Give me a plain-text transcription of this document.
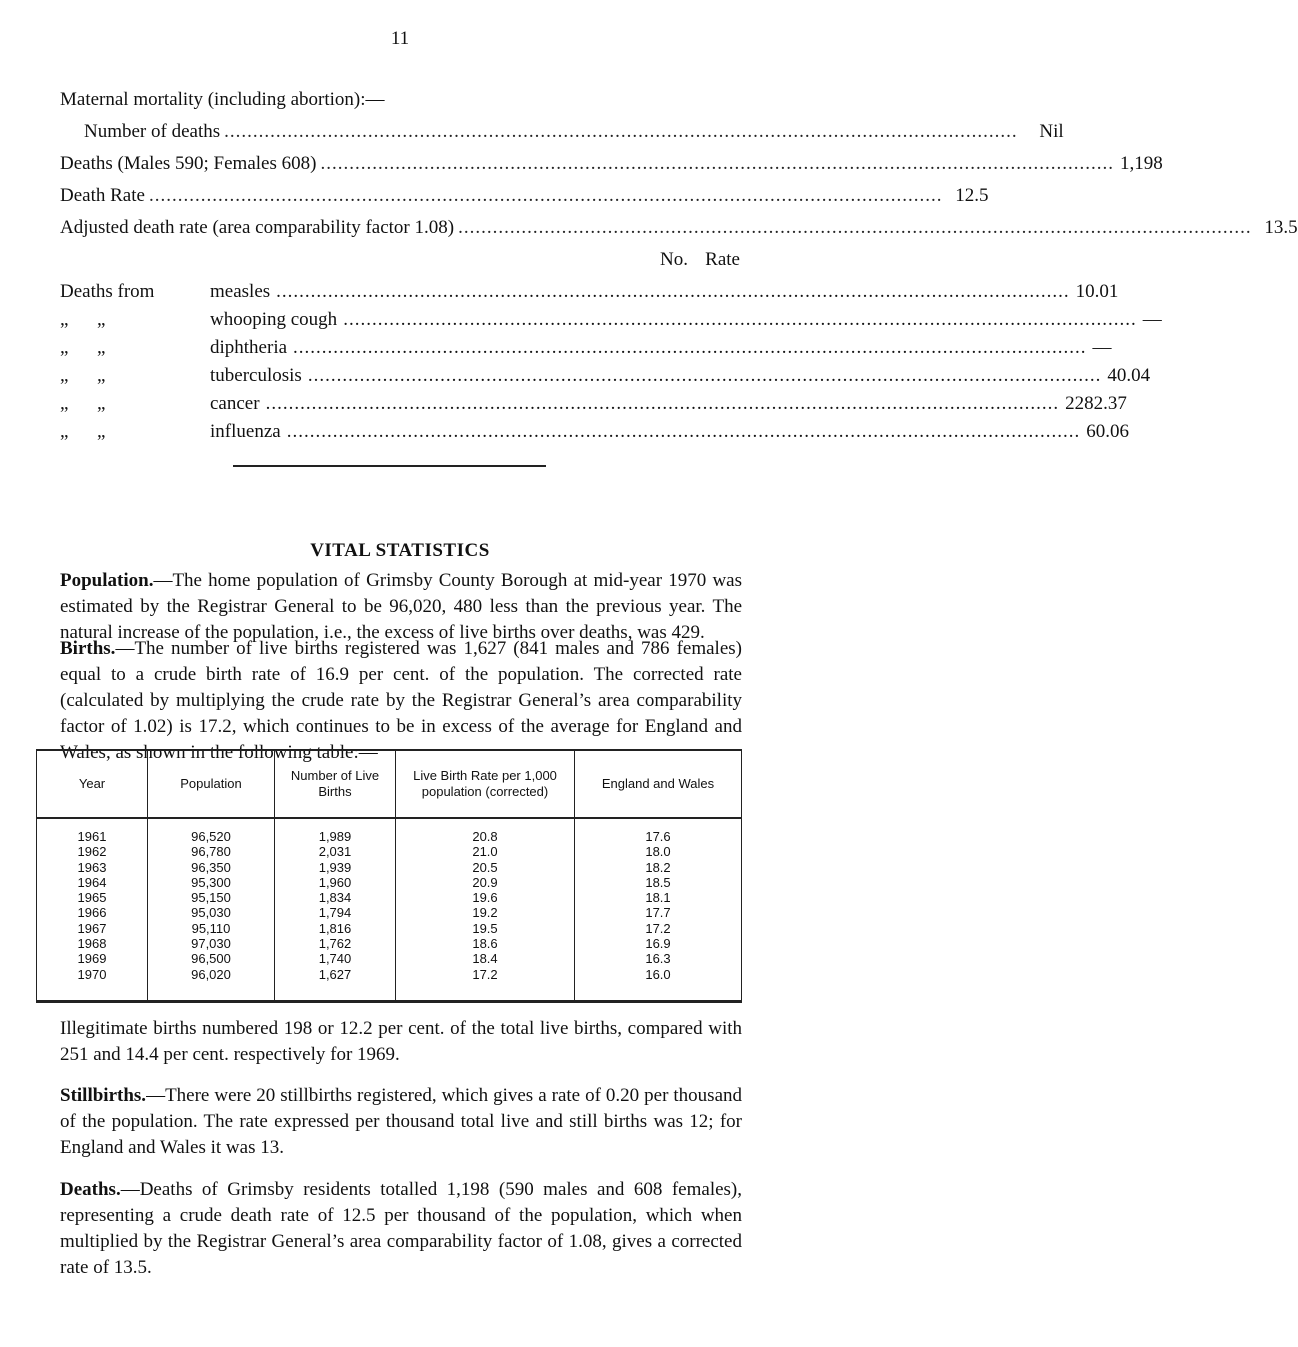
11
Maternal mortality (including abortion):—
Number of deaths ..........................................................................................................................................	Nil
Deaths (Males 590; Females 608) .......................................................................................................................................... 1,198
Death Rate .......................................................................................................................................... 12.5
Adjusted death rate (area comparability factor 1.08) .......................................................................................................................................... 13.5
No. Rate
Deaths from	measles .......................................................................................................................................... 1 0.01
„ „	whooping cough .......................................................................................................................................... – –
„ „	diphtheria .......................................................................................................................................... – –
„ „	tuberculosis .......................................................................................................................................... 4 0.04
„ „	cancer .......................................................................................................................................... 228 2.37
„ „	influenza .......................................................................................................................................... 6 0.06
VITAL STATISTICS

Population.—The home population of Grimsby County Borough at mid-year 1970 was estimated by the Registrar General to be 96,020, 480 less than the previous year. The natural increase of the population, i.e., the excess of live births over deaths, was 429.

Births.—The number of live births registered was 1,627 (841 males and 786 females) equal to a crude birth rate of 16.9 per cent. of the population. The corrected rate (calculated by multiplying the crude rate by the Registrar General’s area comparability factor of 1.02) is 17.2, which continues to be in excess of the average for England and Wales, as shown in the following table:—

Year	Population	Number of Live Births	Live Birth Rate per 1,000 population (corrected)	England and Wales
1961	96,520	1,989	20.8	17.6
1962	96,780	2,031	21.0	18.0
1963	96,350	1,939	20.5	18.2
1964	95,300	1,960	20.9	18.5
1965	95,150	1,834	19.6	18.1
1966	95,030	1,794	19.2	17.7
1967	95,110	1,816	19.5	17.2
1968	97,030	1,762	18.6	16.9
1969	96,500	1,740	18.4	16.3
1970	96,020	1,627	17.2	16.0

Illegitimate births numbered 198 or 12.2 per cent. of the total live births, compared with 251 and 14.4 per cent. respectively for 1969.

Stillbirths.—There were 20 stillbirths registered, which gives a rate of 0.20 per thousand of the population. The rate expressed per thousand total live and still births was 12; for England and Wales it was 13.

Deaths.—Deaths of Grimsby residents totalled 1,198 (590 males and 608 females), representing a crude death rate of 12.5 per thousand of the population, which when multiplied by the Registrar General’s area comparability factor of 1.08, gives a corrected rate of 13.5.
